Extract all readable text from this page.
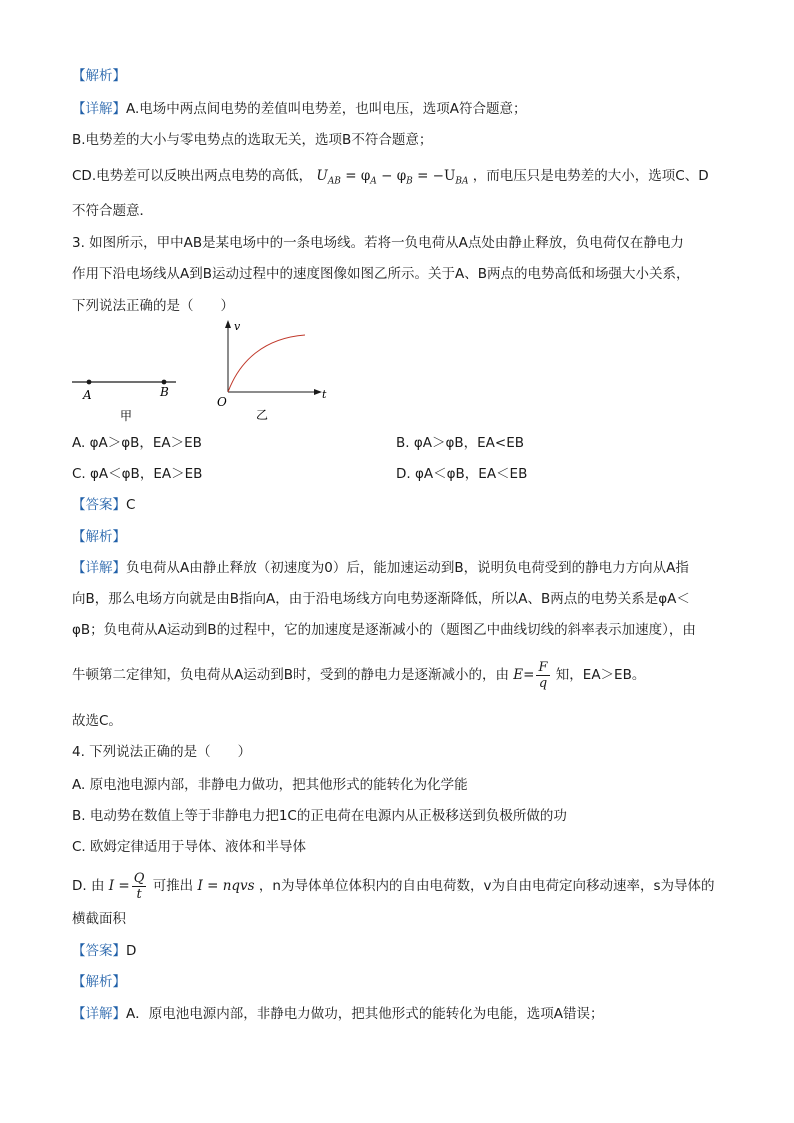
【解析】
【详解】A.电场中两点间电势的差值叫电势差，也叫电压，选项A符合题意；
B.电势差的大小与零电势点的选取无关，选项B不符合题意；
CD.电势差可以反映出两点电势的高低， $U_{AB} = \varphi_A - \varphi_B = -U_{BA}$ ，而电压只是电势差的大小，选项C、D
不符合题意．
3. 如图所示，甲中AB是某电场中的一条电场线。若将一负电荷从A点处由静止释放，负电荷仅在静电力
作用下沿电场线从A到B运动过程中的速度图像如图乙所示。关于A、B两点的电势高低和场强大小关系，
下列说法正确的是（　　）
A	B
甲
v
O
t
乙
A. φA＞φB，EA＞EB	B. φA＞φB，EA<EB
C. φA＜φB，EA＞EB	D. φA＜φB，EA＜EB
【答案】C
【解析】
【详解】负电荷从A由静止释放（初速度为0）后，能加速运动到B，说明负电荷受到的静电力方向从A指
向B，那么电场方向就是由B指向A，由于沿电场线方向电势逐渐降低，所以A、B两点的电势关系是φA＜
φB；负电荷从A运动到B的过程中，它的加速度是逐渐减小的（题图乙中曲线切线的斜率表示加速度），由
牛顿第二定律知，负电荷从A运动到B时，受到的静电力是逐渐减小的，由 $E= \frac{F}{q}$ 知，EA＞EB。
故选C。
4. 下列说法正确的是（　　）
A. 原电池电源内部，非静电力做功，把其他形式的能转化为化学能
B. 电动势在数值上等于非静电力把1C的正电荷在电源内从正极移送到负极所做的功
C. 欧姆定律适用于导体、液体和半导体
D. 由 $I = \frac{Q}{t}$ 可推出 I = nqvs ，n为导体单位体积内的自由电荷数，v为自由电荷定向移动速率，s为导体的
横截面积
【答案】D
【解析】
【详解】A．原电池电源内部，非静电力做功，把其他形式的能转化为电能，选项A错误；
